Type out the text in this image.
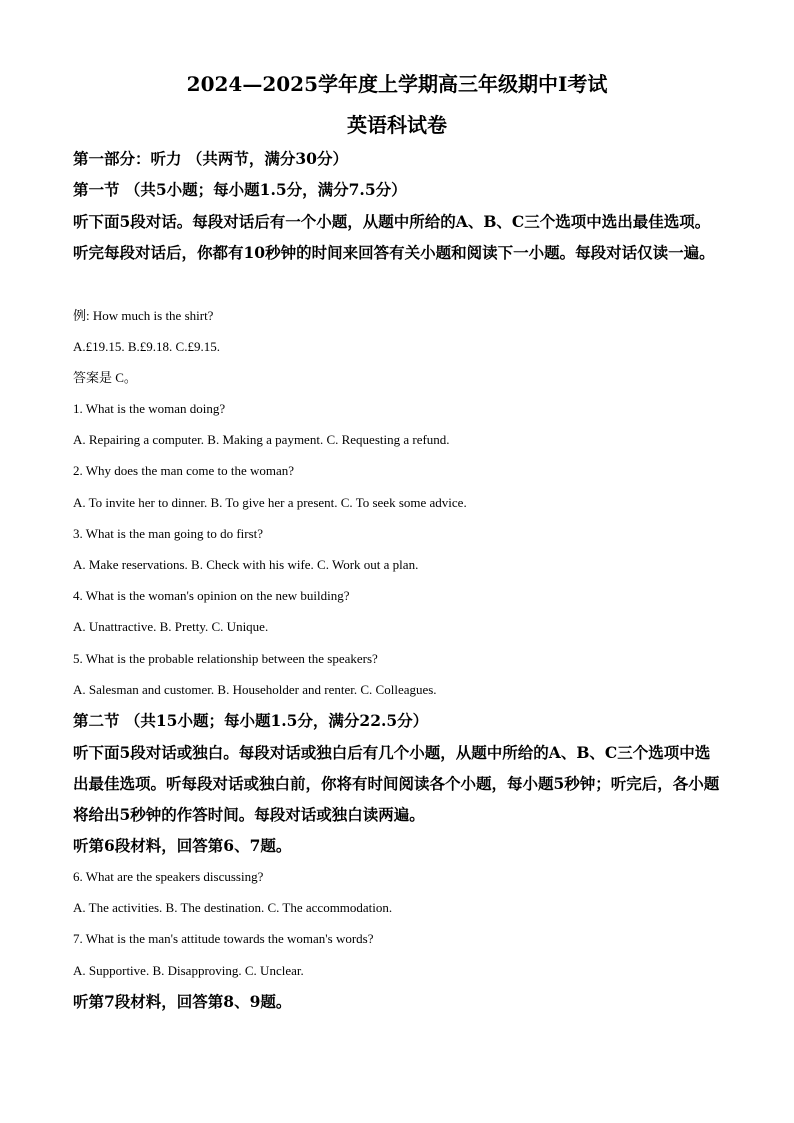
2024—2025学年度上学期高三年级期中Ⅰ考试
英语科试卷
第一部分：听力 （共两节，满分30分）
第一节 （共5小题；每小题1.5分，满分7.5分）

听下面5段对话。每段对话后有一个小题，从题中所给的A、B、C三个选项中选出最佳选项。听完每段对话后，你都有10秒钟的时间来回答有关小题和阅读下一小题。每段对话仅读一遍。

例: How much is the shirt?
A.£19.15. B.£9.18. C.£9.15.
答案是 C。
1. What is the woman doing?
A. Repairing a computer. B. Making a payment. C. Requesting a refund.
2. Why does the man come to the woman?
A. To invite her to dinner. B. To give her a present. C. To seek some advice.
3. What is the man going to do first?
A. Make reservations. B. Check with his wife. C. Work out a plan.
4. What is the woman's opinion on the new building?
A. Unattractive. B. Pretty. C. Unique.
5. What is the probable relationship between the speakers?
A. Salesman and customer. B. Householder and renter. C. Colleagues.
第二节 （共15小题；每小题1.5分，满分22.5分）

听下面5段对话或独白。每段对话或独白后有几个小题，从题中所给的A、B、C三个选项中选出最佳选项。听每段对话或独白前，你将有时间阅读各个小题，每小题5秒钟；听完后，各小题将给出5秒钟的作答时间。每段对话或独白读两遍。

听第6段材料，回答第6、7题。
6. What are the speakers discussing?
A. The activities. B. The destination. C. The accommodation.
7. What is the man's attitude towards the woman's words?
A. Supportive. B. Disapproving. C. Unclear.
听第7段材料，回答第8、9题。
